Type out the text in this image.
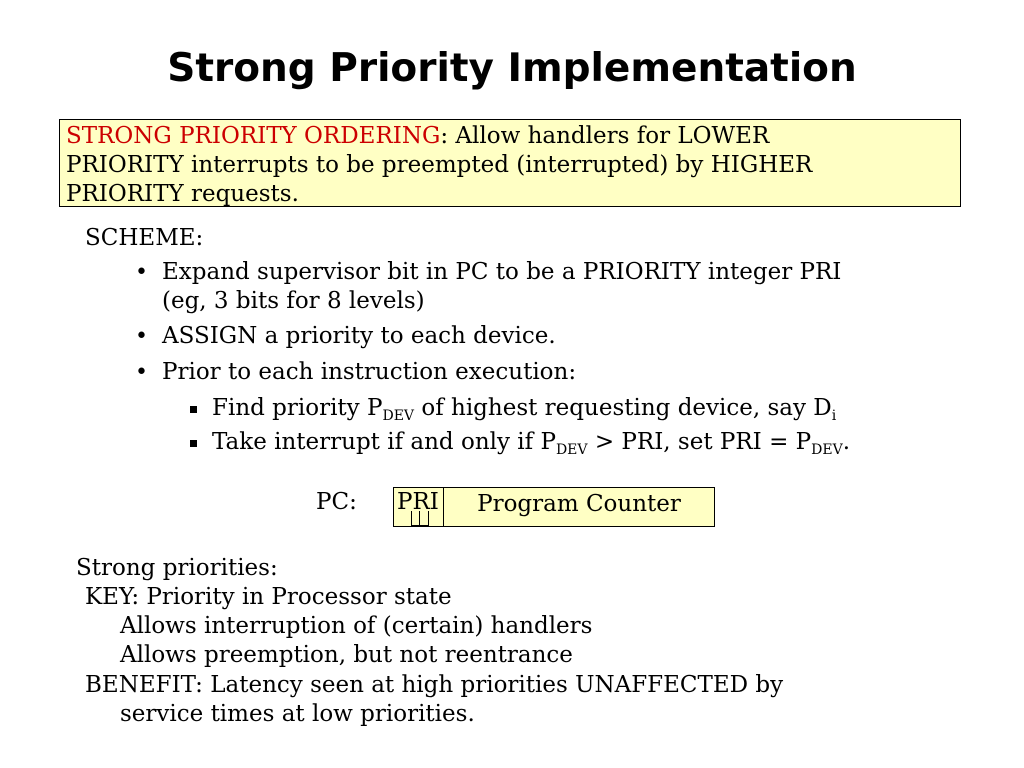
Strong Priority Implementation
STRONG PRIORITY ORDERING: Allow handlers for LOWER
PRIORITY interrupts to be preempted (interrupted) by HIGHER
PRIORITY requests.
SCHEME:
• Expand supervisor bit in PC to be a PRIORITY integer PRI
(eg, 3 bits for 8 levels)
• ASSIGN a priority to each device.
• Prior to each instruction execution:
Find priority $P_{DEV}$ of highest requesting device, say $D_i$
Take interrupt if and only if $P_{DEV}$ > PRI, set PRI = $P_{DEV}$.
PC: PRI	Program Counter
Strong priorities:
KEY: Priority in Processor state
Allows interruption of (certain) handlers
Allows preemption, but not reentrance
BENEFIT: Latency seen at high priorities UNAFFECTED by
service times at low priorities.
